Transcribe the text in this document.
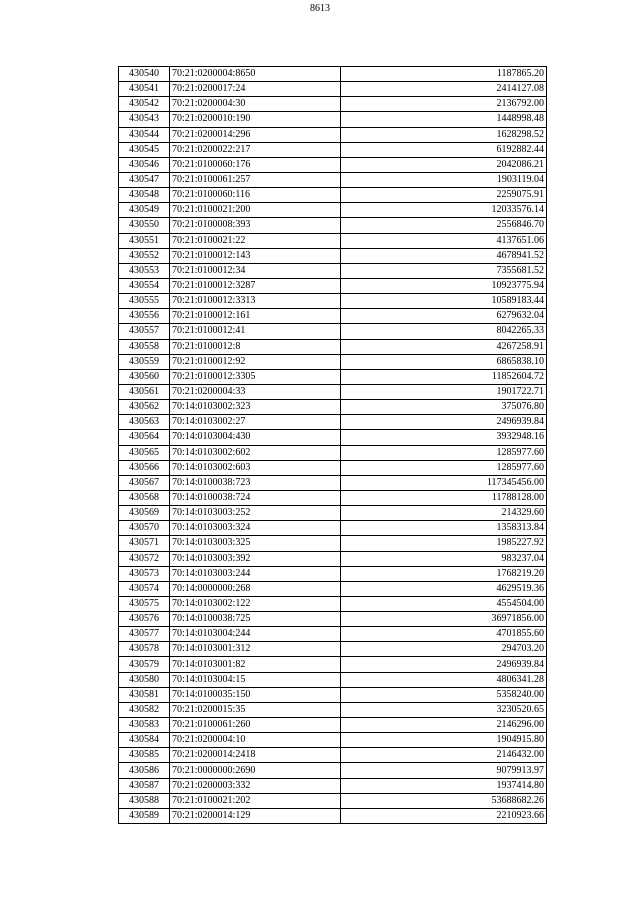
8613
430540	70:21:0200004:8650	1187865.20
430541	70:21:0200017:24	2414127.08
430542	70:21:0200004:30	2136792.00
430543	70:21:0200010:190	1448998.48
430544	70:21:0200014:296	1628298.52
430545	70:21:0200022:217	6192882.44
430546	70:21:0100060:176	2042086.21
430547	70:21:0100061:257	1903119.04
430548	70:21:0100060:116	2259075.91
430549	70:21:0100021:200	12033576.14
430550	70:21:0100008:393	2556846.70
430551	70:21:0100021:22	4137651.06
430552	70:21:0100012:143	4678941.52
430553	70:21:0100012:34	7355681.52
430554	70:21:0100012:3287	10923775.94
430555	70:21:0100012:3313	10589183.44
430556	70:21:0100012:161	6279632.04
430557	70:21:0100012:41	8042265.33
430558	70:21:0100012:8	4267258.91
430559	70:21:0100012:92	6865838.10
430560	70:21:0100012:3305	11852604.72
430561	70:21:0200004:33	1901722.71
430562	70:14:0103002:323	375076.80
430563	70:14:0103002:27	2496939.84
430564	70:14:0103004:430	3932948.16
430565	70:14:0103002:602	1285977.60
430566	70:14:0103002:603	1285977.60
430567	70:14:0100038:723	117345456.00
430568	70:14:0100038:724	11788128.00
430569	70:14:0103003:252	214329.60
430570	70:14:0103003:324	1358313.84
430571	70:14:0103003:325	1985227.92
430572	70:14:0103003:392	983237.04
430573	70:14:0103003:244	1768219.20
430574	70:14:0000000:268	4629519.36
430575	70:14:0103002:122	4554504.00
430576	70:14:0100038:725	36971856.00
430577	70:14:0103004:244	4701855.60
430578	70:14:0103001:312	294703.20
430579	70:14:0103001:82	2496939.84
430580	70:14:0103004:15	4806341.28
430581	70:14:0100035:150	5358240.00
430582	70:21:0200015:35	3230520.65
430583	70:21:0100061:260	2146296.00
430584	70:21:0200004:10	1904915.80
430585	70:21:0200014:2418	2146432.00
430586	70:21:0000000:2690	9079913.97
430587	70:21:0200003:332	1937414.80
430588	70:21:0100021:202	53688682.26
430589	70:21:0200014:129	2210923.66
